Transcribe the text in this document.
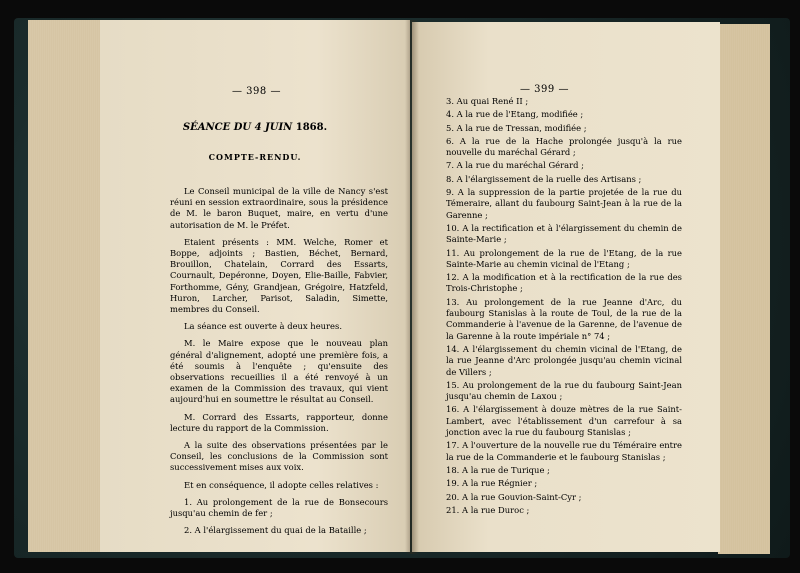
— 398 —
SÉANCE DU 4 JUIN 1868.
COMPTE-RENDU.

Le Conseil municipal de la ville de Nancy s'est réuni en session extraordinaire, sous la présidence de M. le baron Buquet, maire, en vertu d'une autorisation de M. le Préfet.

Etaient présents : MM. Welche, Romer et Boppe, adjoints ; Bastien, Béchet, Bernard, Brouillon, Chatelain, Corrard des Essarts, Cournault, Depéronne, Doyen, Elie-Baille, Fabvier, Forthomme, Gény, Grandjean, Grégoire, Hatzfeld, Huron, Larcher, Parisot, Saladin, Simette, membres du Conseil.

La séance est ouverte à deux heures.

M. le Maire expose que le nouveau plan général d'alignement, adopté une première fois, a été soumis à l'enquête ; qu'ensuite des observations recueillies il a été renvoyé à un examen de la Commission des travaux, qui vient aujourd'hui en soumettre le résultat au Conseil.

M. Corrard des Essarts, rapporteur, donne lecture du rapport de la Commission.

A la suite des observations présentées par le Conseil, les conclusions de la Commission sont successivement mises aux voix.

Et en conséquence, il adopte celles relatives :

1. Au prolongement de la rue de Bonsecours jusqu'au chemin de fer ;

2. A l'élargissement du quai de la Bataille ;

— 399 —

3. Au quai René II ;

4. A la rue de l'Etang, modifiée ;

5. A la rue de Tressan, modifiée ;

6. A la rue de la Hache prolongée jusqu'à la rue nouvelle du maréchal Gérard ;

7. A la rue du maréchal Gérard ;

8. A l'élargissement de la ruelle des Artisans ;

9. A la suppression de la partie projetée de la rue du Témeraire, allant du faubourg Saint-Jean à la rue de la Garenne ;

10. A la rectification et à l'élargissement du chemin de Sainte-Marie ;

11. Au prolongement de la rue de l'Etang, de la rue Sainte-Marie au chemin vicinal de l'Etang ;

12. A la modification et à la rectification de la rue des Trois-Christophe ;

13. Au prolongement de la rue Jeanne d'Arc, du faubourg Stanislas à la route de Toul, de la rue de la Commanderie à l'avenue de la Garenne, de l'avenue de la Garenne à la route impériale n° 74 ;

14. A l'élargissement du chemin vicinal de l'Etang, de la rue Jeanne d'Arc prolongée jusqu'au chemin vicinal de Villers ;

15. Au prolongement de la rue du faubourg Saint-Jean jusqu'au chemin de Laxou ;

16. A l'élargissement à douze mètres de la rue Saint-Lambert, avec l'établissement d'un carrefour à sa jonction avec la rue du faubourg Stanislas ;

17. A l'ouverture de la nouvelle rue du Téméraire entre la rue de la Commanderie et le faubourg Stanislas ;

18. A la rue de Turique ;

19. A la rue Régnier ;

20. A la rue Gouvion-Saint-Cyr ;

21. A la rue Duroc ;
